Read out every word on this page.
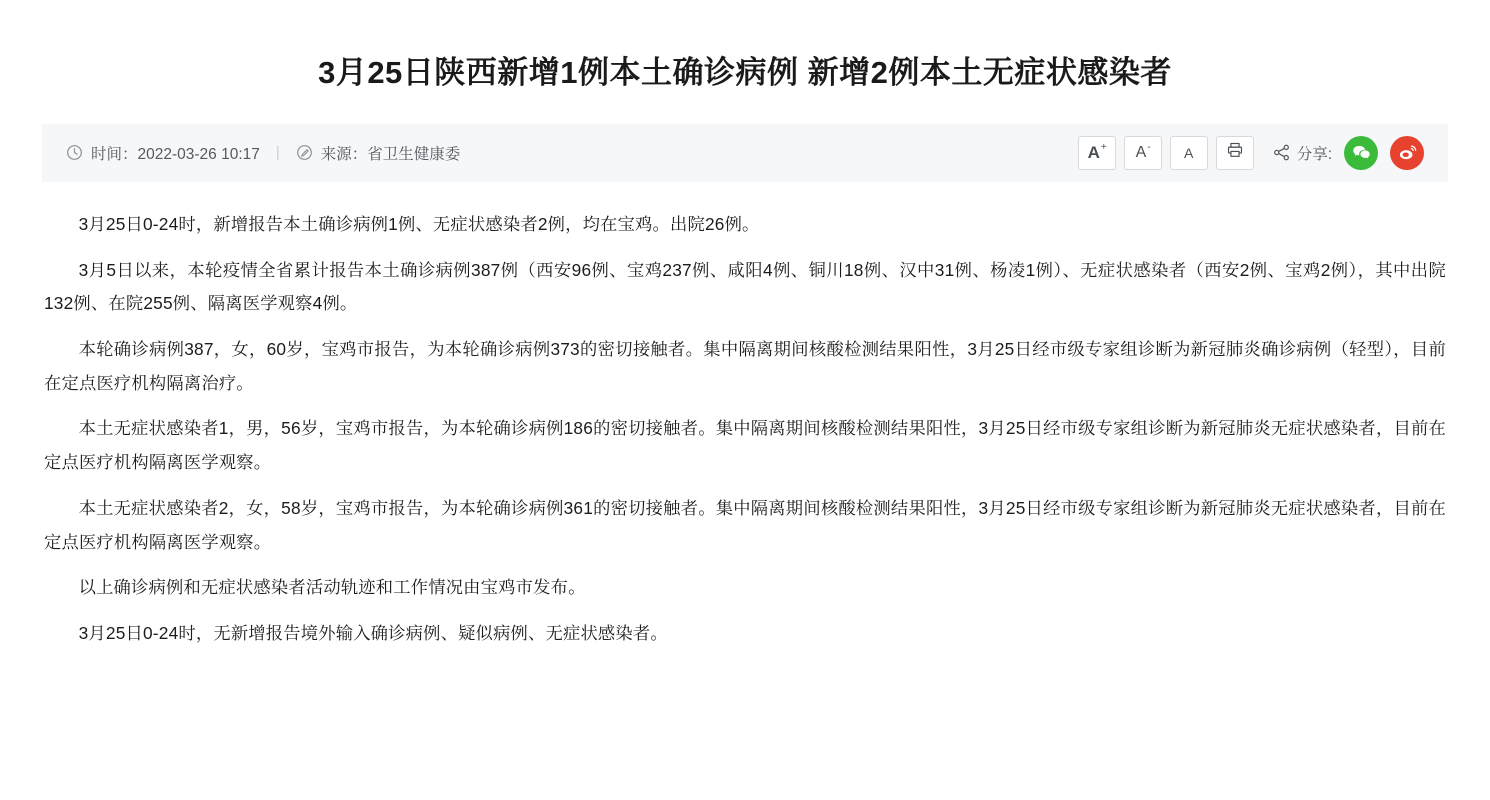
3月25日陕西新增1例本土确诊病例 新增2例本土无症状感染者
时间：2022-03-26 10:17 |	来源：省卫生健康委	A+ A- A	分享:

3月25日0-24时，新增报告本土确诊病例1例、无症状感染者2例，均在宝鸡。出院26例。

3月5日以来，本轮疫情全省累计报告本土确诊病例387例（西安96例、宝鸡237例、咸阳4例、铜川18例、汉中31例、杨凌1例）、无症状感染者（西安2例、宝鸡2例），其中出院132例、在院255例、隔离医学观察4例。

本轮确诊病例387，女，60岁，宝鸡市报告，为本轮确诊病例373的密切接触者。集中隔离期间核酸检测结果阳性，3月25日经市级专家组诊断为新冠肺炎确诊病例（轻型），目前在定点医疗机构隔离治疗。

本土无症状感染者1，男，56岁，宝鸡市报告，为本轮确诊病例186的密切接触者。集中隔离期间核酸检测结果阳性，3月25日经市级专家组诊断为新冠肺炎无症状感染者，目前在定点医疗机构隔离医学观察。

本土无症状感染者2，女，58岁，宝鸡市报告，为本轮确诊病例361的密切接触者。集中隔离期间核酸检测结果阳性，3月25日经市级专家组诊断为新冠肺炎无症状感染者，目前在定点医疗机构隔离医学观察。

以上确诊病例和无症状感染者活动轨迹和工作情况由宝鸡市发布。

3月25日0-24时，无新增报告境外输入确诊病例、疑似病例、无症状感染者。
